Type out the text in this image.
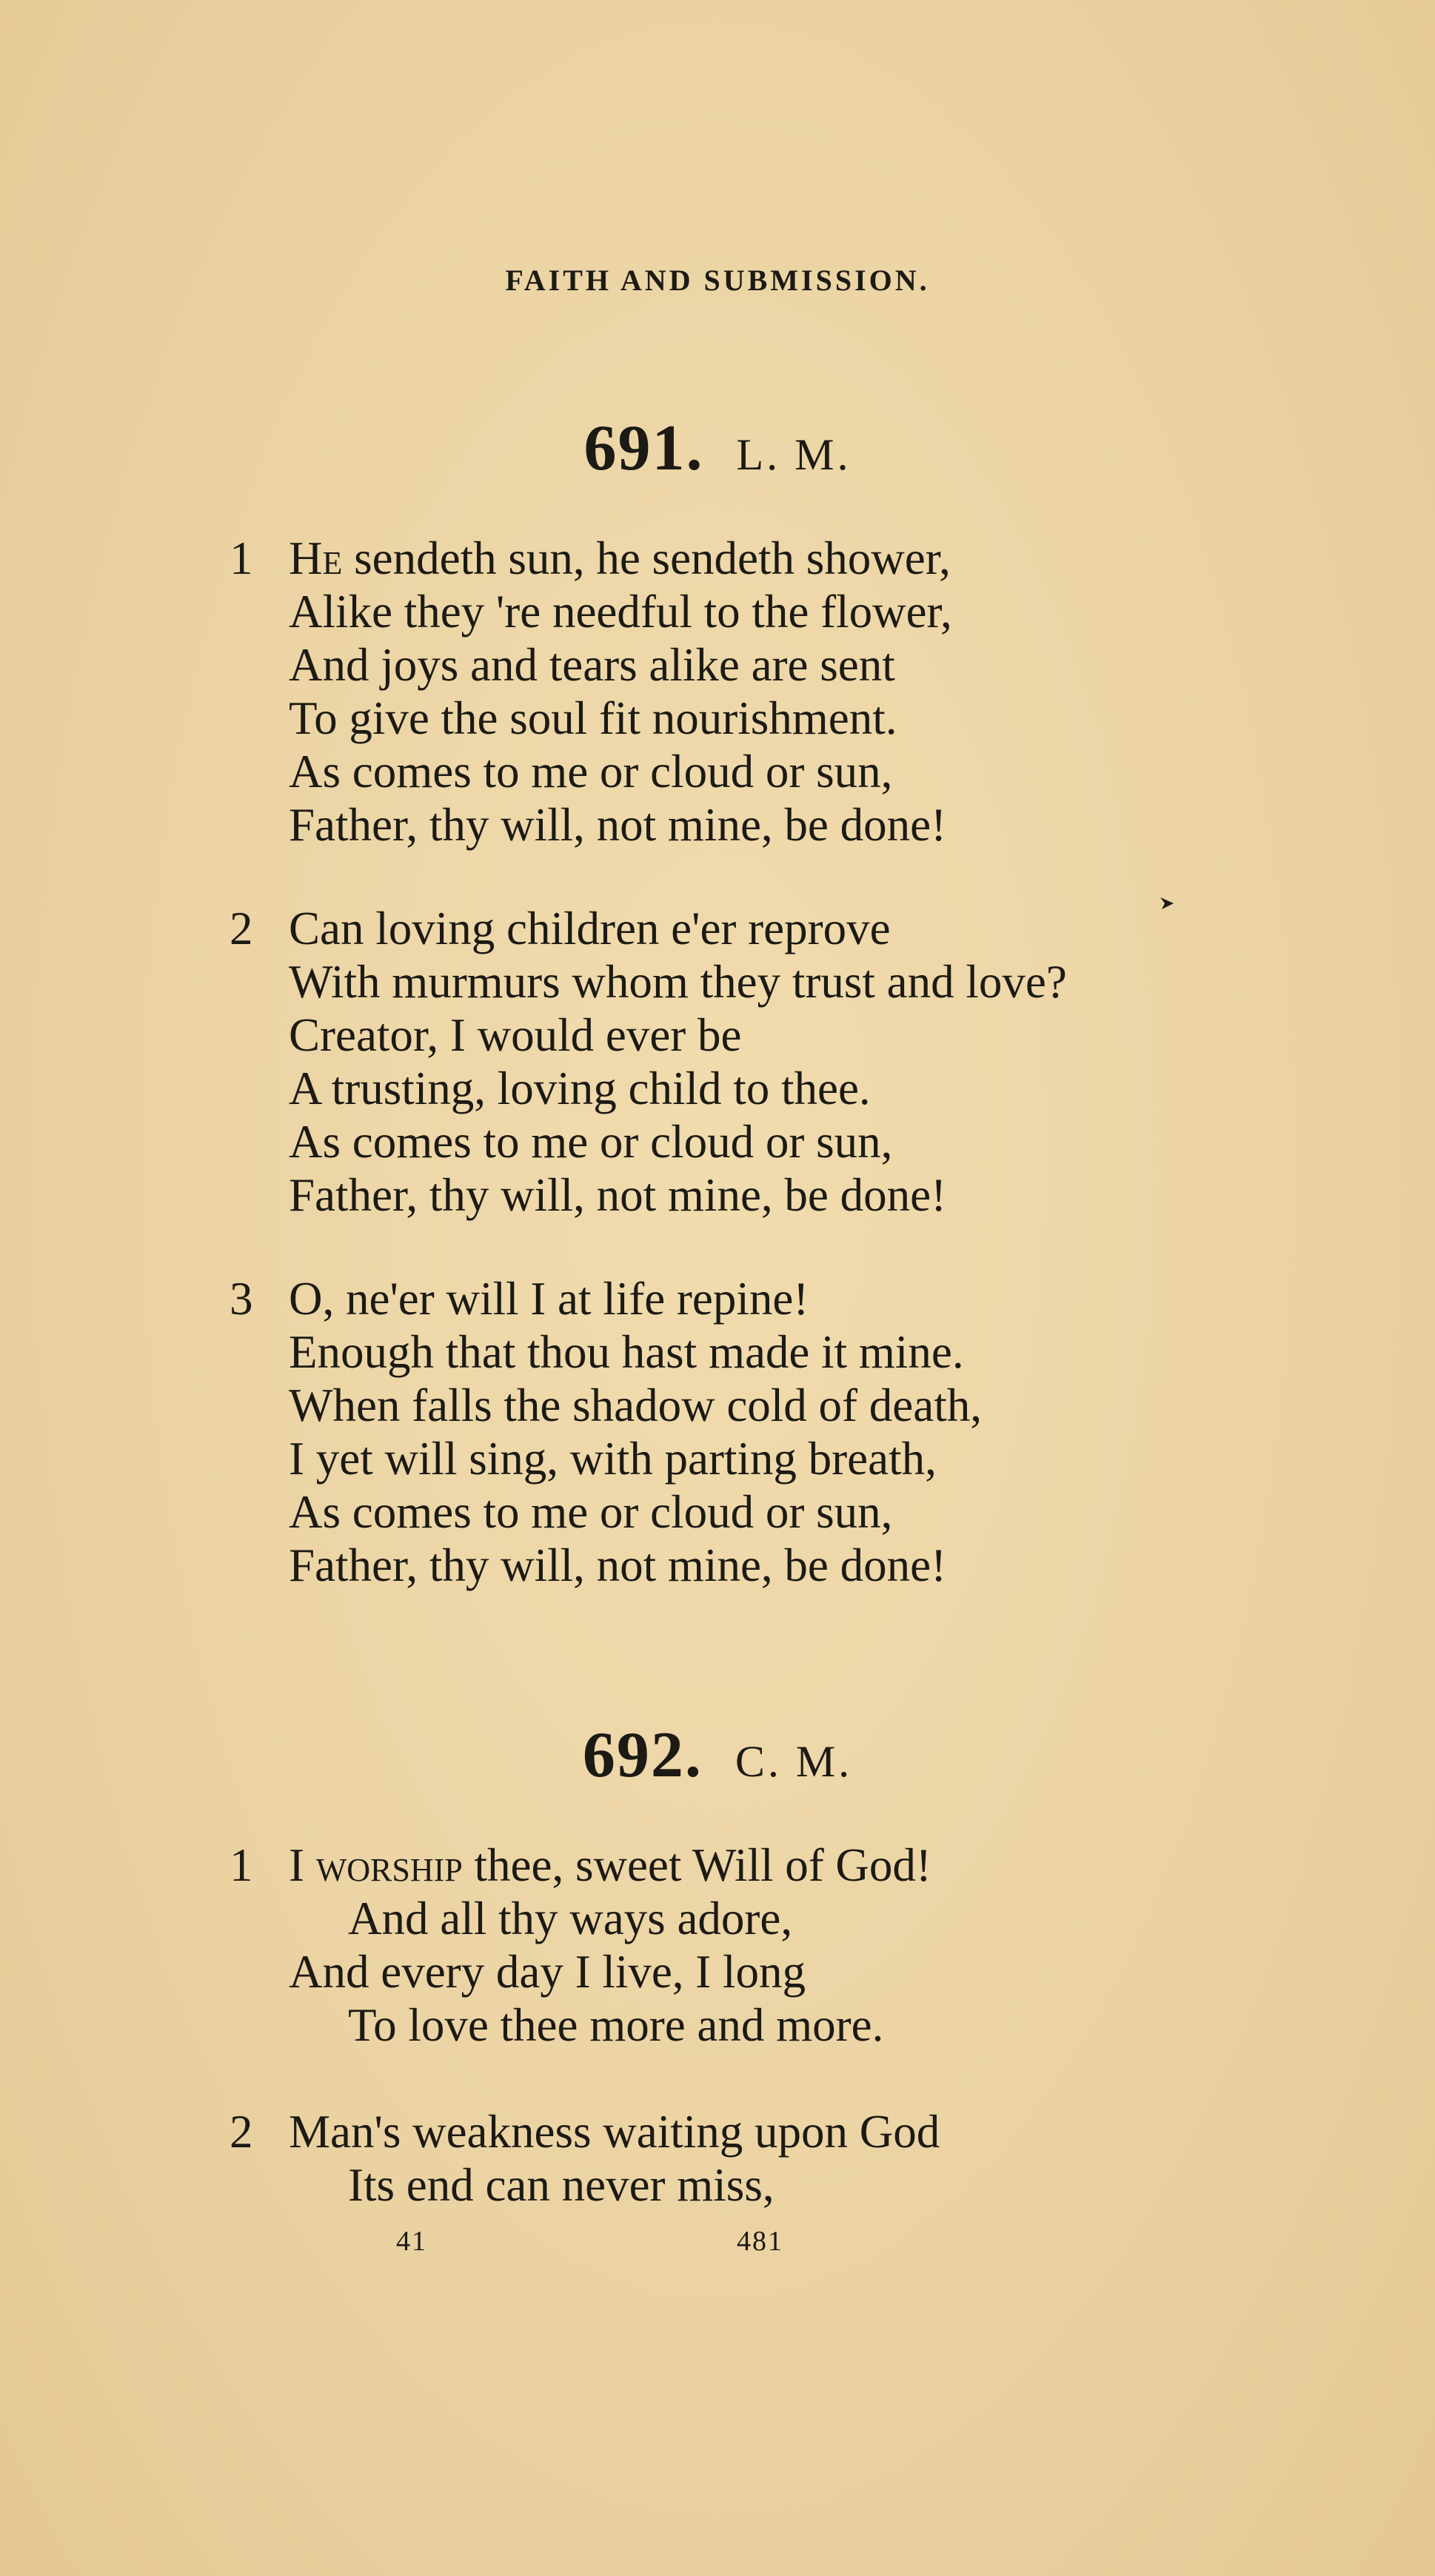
FAITH AND SUBMISSION.
691. L. M.
1 He sendeth sun, he sendeth shower,
Alike they 're needful to the flower,
And joys and tears alike are sent
To give the soul fit nourishment.
As comes to me or cloud or sun,
Father, thy will, not mine, be done!
2 Can loving children e'er reprove
With murmurs whom they trust and love?
Creator, I would ever be
A trusting, loving child to thee.
As comes to me or cloud or sun,
Father, thy will, not mine, be done!
3 O, ne'er will I at life repine!
Enough that thou hast made it mine.
When falls the shadow cold of death,
I yet will sing, with parting breath,
As comes to me or cloud or sun,
Father, thy will, not mine, be done!
692. C. M.
1 I worship thee, sweet Will of God!
And all thy ways adore,
And every day I live, I long
To love thee more and more.
2 Man's weakness waiting upon God
Its end can never miss,
41	481
